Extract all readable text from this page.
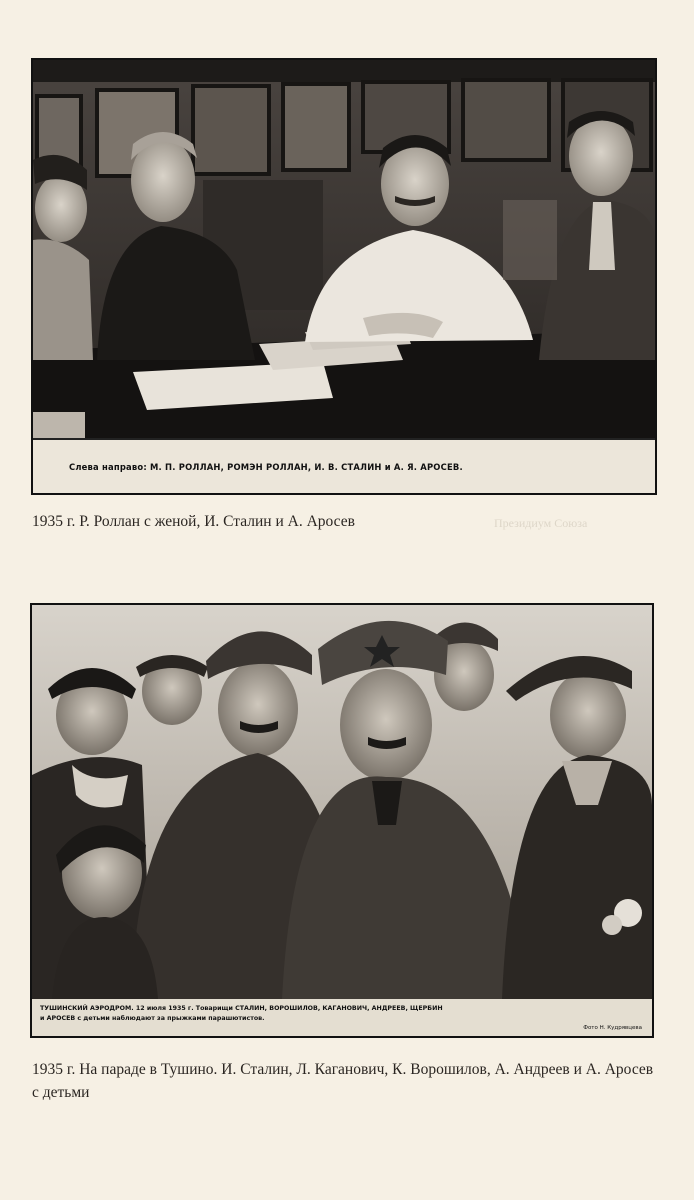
Слева направо: М. П. РОЛЛАН, РОМЭН РОЛЛАН, И. В. СТАЛИН и А. Я. АРОСЕВ.

1935 г. Р. Роллан с женой, И. Сталин и А. Аросев	Президиум Союза
ТУШИНСКИЙ АЭРОДРОМ. 12 июля 1935 г. Товарищи СТАЛИН, ВОРОШИЛОВ, КАГАНОВИЧ, АНДРЕЕВ, ЩЕРБИН
и АРОСЕВ с детьми наблюдают за прыжками парашютистов.
Фото Н. Кудрявцева

1935 г. На параде в Тушино. И. Сталин, Л. Каганович, К. Ворошилов, А. Андреев и А. Аросев с детьми
